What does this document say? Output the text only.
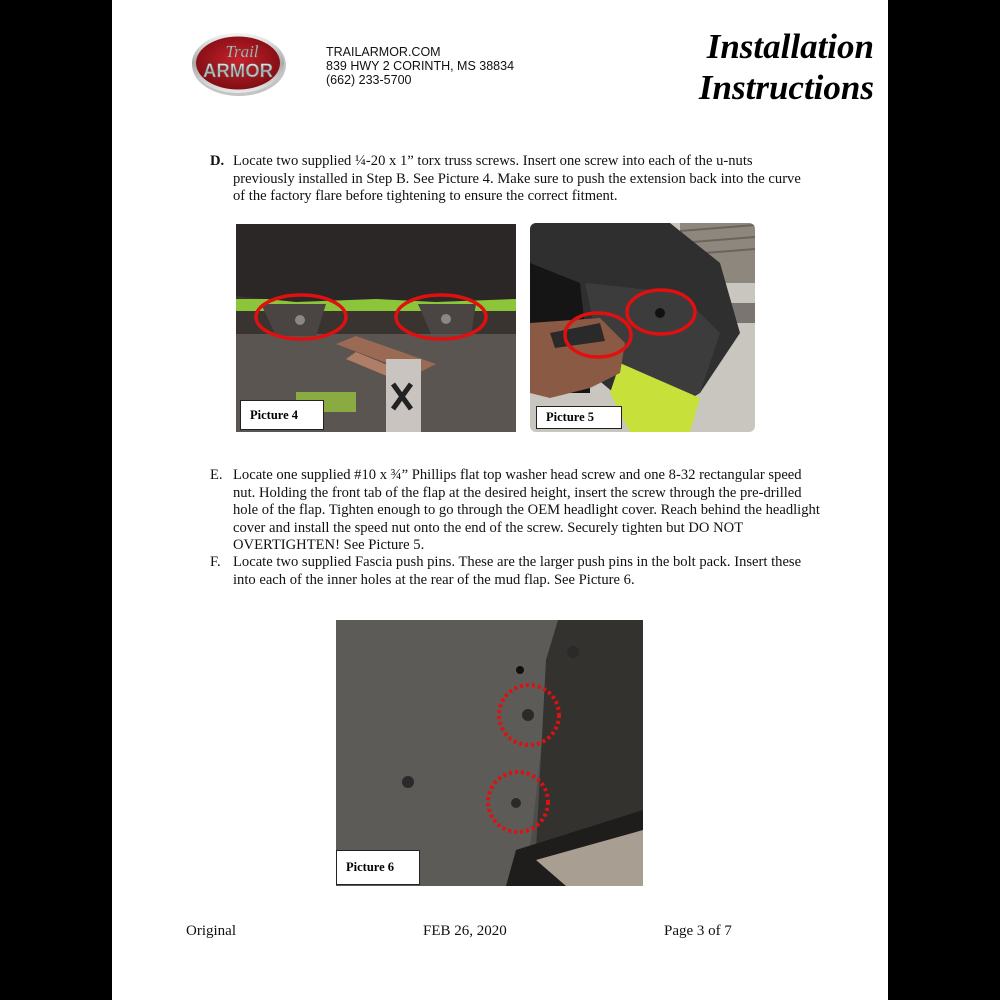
Trail
ARMOR
TRAILARMOR.COM
839 HWY 2 CORINTH, MS 38834
(662) 233-5700
Installation
Instructions
D. Locate two supplied ¼-20 x 1” torx truss screws. Insert one screw into each of the u-nuts previously installed in Step B. See Picture 4. Make sure to push the extension back into the curve of the factory flare before tightening to ensure the correct fitment.
Picture 4	Picture 5
E. Locate one supplied #10 x ¾” Phillips flat top washer head screw and one 8-32 rectangular speed nut. Holding the front tab of the flap at the desired height, insert the screw through the pre-drilled hole of the flap. Tighten enough to go through the OEM headlight cover. Reach behind the headlight cover and install the speed nut onto the end of the screw. Securely tighten but DO NOT OVERTIGHTEN! See Picture 5.
F. Locate two supplied Fascia push pins. These are the larger push pins in the bolt pack. Insert these into each of the inner holes at the rear of the mud flap. See Picture 6.
Picture 6
Original	FEB 26, 2020	Page 3 of 7
